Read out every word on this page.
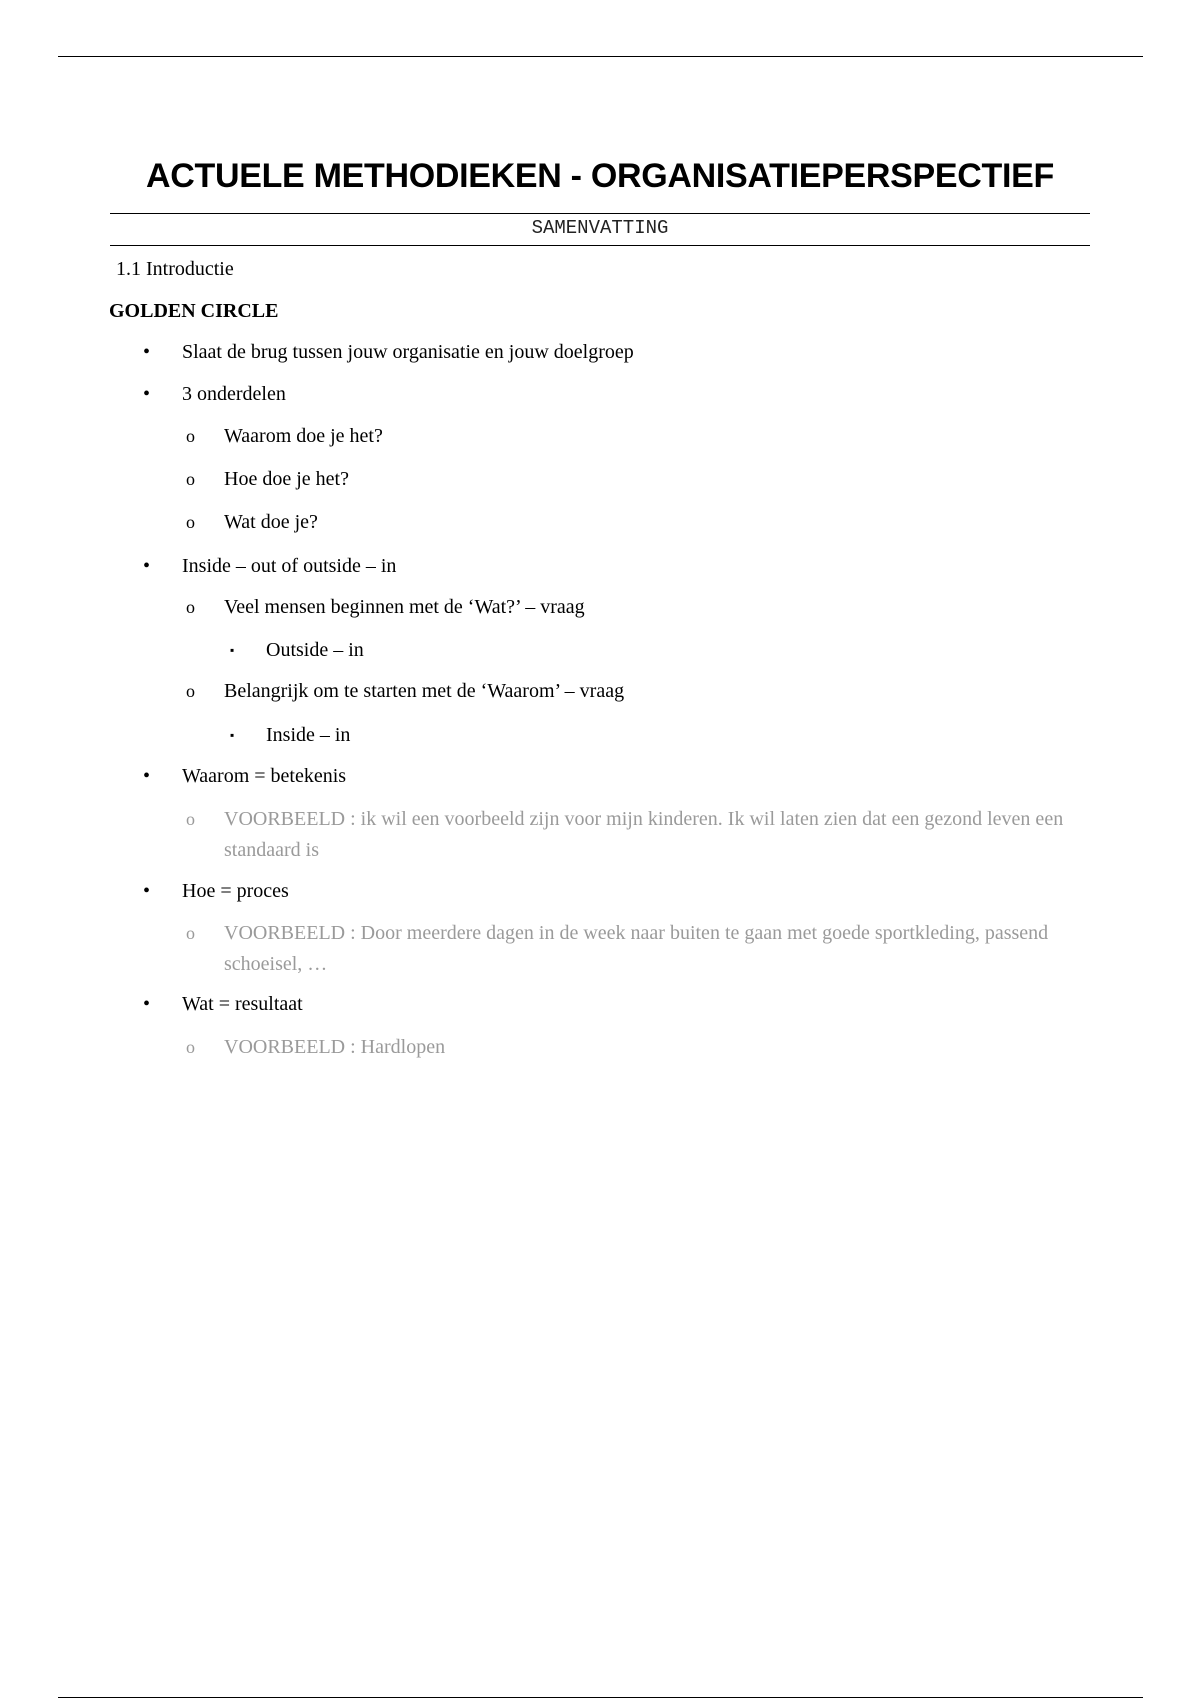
ACTUELE METHODIEKEN - ORGANISATIEPERSPECTIEF
SAMENVATTING

1.1 Introductie

GOLDEN CIRCLE

• Slaat de brug tussen jouw organisatie en jouw doelgroep
• 3 onderdelen
o Waarom doe je het?
o Hoe doe je het?
o Wat doe je?
• Inside – out of outside – in
o Veel mensen beginnen met de ‘Wat?’ – vraag
▪ Outside – in
o Belangrijk om te starten met de ‘Waarom’ – vraag
▪ Inside – in
• Waarom = betekenis
o VOORBEELD : ik wil een voorbeeld zijn voor mijn kinderen. Ik wil laten zien dat een gezond leven een standaard is
• Hoe = proces
o VOORBEELD : Door meerdere dagen in de week naar buiten te gaan met goede sportkleding, passend schoeisel, …
• Wat = resultaat
o VOORBEELD : Hardlopen
